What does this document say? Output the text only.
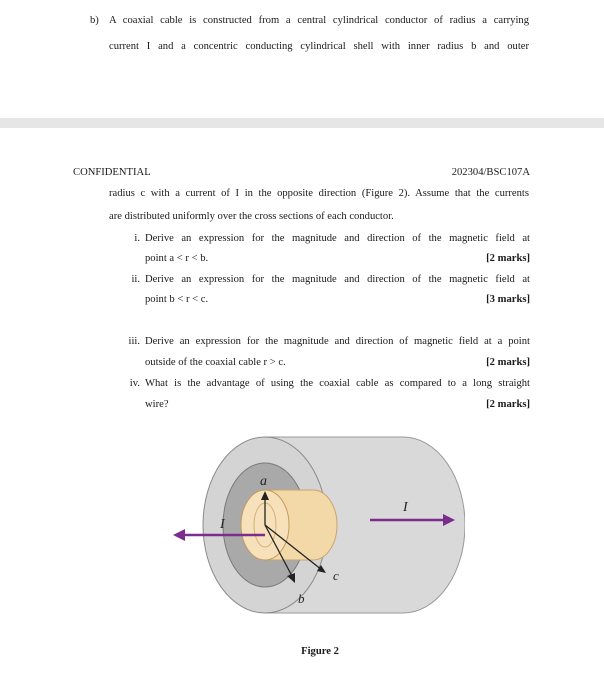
b) A coaxial cable is constructed from a central cylindrical conductor of radius a carrying
current I and a concentric conducting cylindrical shell with inner radius b and outer
CONFIDENTIAL	202304/BSC107A
radius c with a current of I in the opposite direction (Figure 2). Assume that the currents
are distributed uniformly over the cross sections of each conductor.
i. Derive an expression for the magnitude and direction of the magnetic field at
point a < r < b.	[2 marks]
ii. Derive an expression for the magnitude and direction of the magnetic field at
point b < r < c.	[3 marks]
iii. Derive an expression for the magnitude and direction of magnetic field at a point
outside of the coaxial cable r > c.	[2 marks]
iv. What is the advantage of using the coaxial cable as compared to a long straight
wire?	[2 marks]
a
b
c
I
I
Figure 2
